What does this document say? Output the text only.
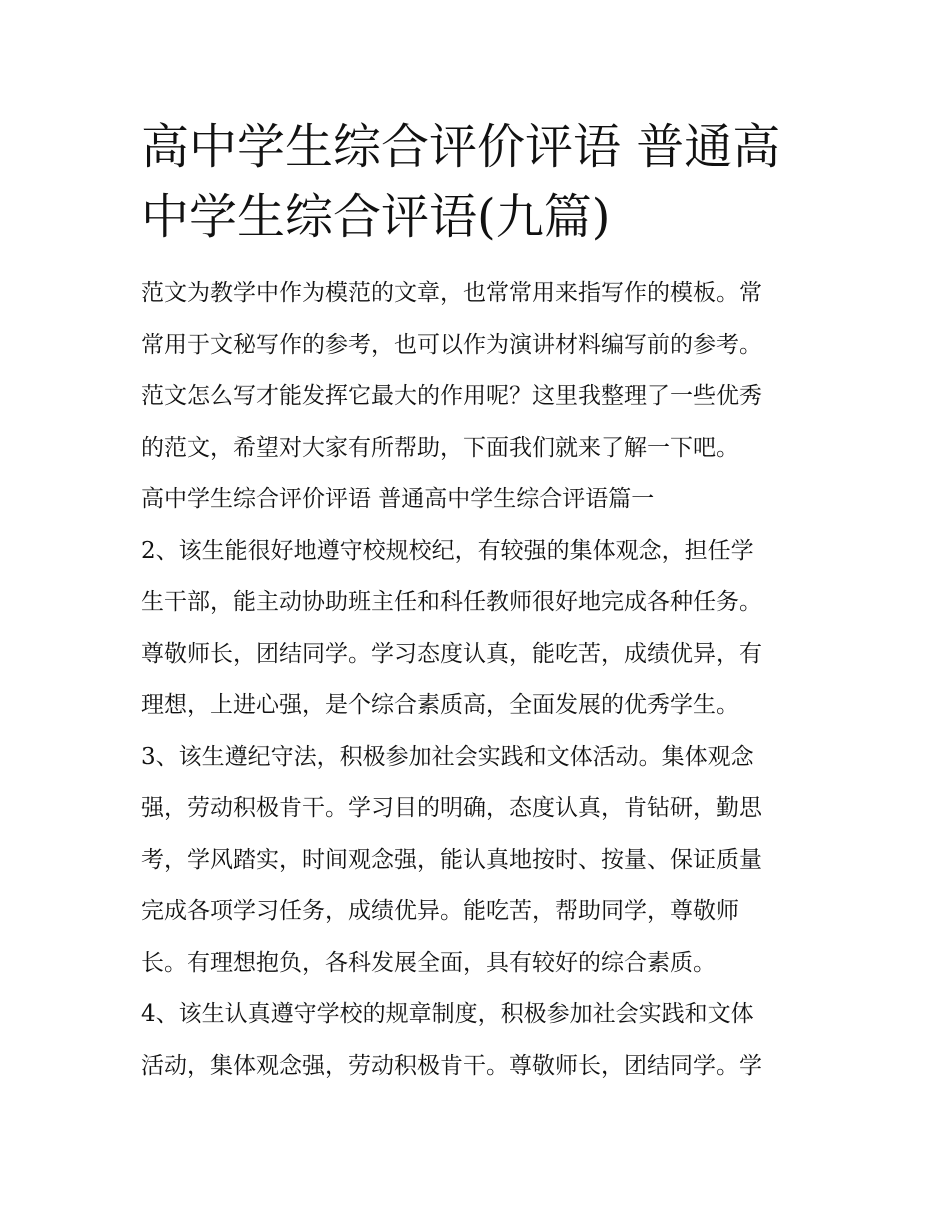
高中学生综合评价评语 普通高
中学生综合评语(九篇)
范文为教学中作为模范的文章，也常常用来指写作的模板。常
常用于文秘写作的参考，也可以作为演讲材料编写前的参考。
范文怎么写才能发挥它最大的作用呢？这里我整理了一些优秀
的范文，希望对大家有所帮助，下面我们就来了解一下吧。
高中学生综合评价评语 普通高中学生综合评语篇一
2、该生能很好地遵守校规校纪，有较强的集体观念，担任学
生干部，能主动协助班主任和科任教师很好地完成各种任务。
尊敬师长，团结同学。学习态度认真，能吃苦，成绩优异，有
理想，上进心强，是个综合素质高，全面发展的优秀学生。
3、该生遵纪守法，积极参加社会实践和文体活动。集体观念
强，劳动积极肯干。学习目的明确，态度认真，肯钻研，勤思
考，学风踏实，时间观念强，能认真地按时、按量、保证质量
完成各项学习任务，成绩优异。能吃苦，帮助同学，尊敬师
长。有理想抱负，各科发展全面，具有较好的综合素质。
4、该生认真遵守学校的规章制度，积极参加社会实践和文体
活动，集体观念强，劳动积极肯干。尊敬师长，团结同学。学
